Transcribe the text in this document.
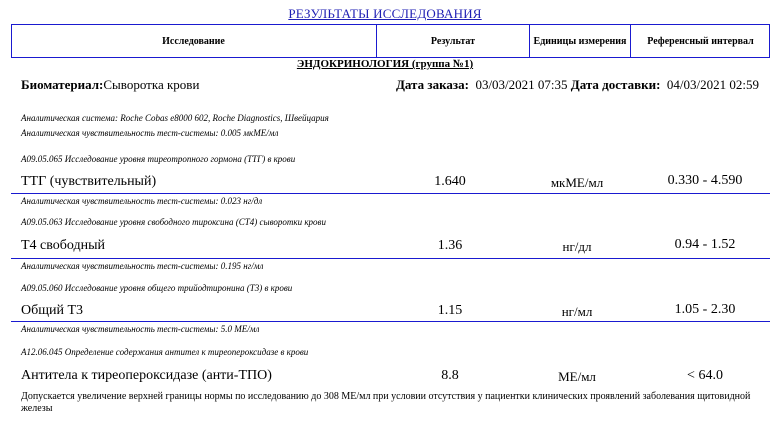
РЕЗУЛЬТАТЫ ИССЛЕДОВАНИЯ
Исследование	Результат	Единицы измерения	Референсный интервал
ЭНДОКРИНОЛОГИЯ (группа №1)
Биоматериал:Сыворотка крови	Дата заказа: 03/03/2021 07:35 Дата доставки: 04/03/2021 02:59
Аналитическая система: Roche Cobas e8000 602, Roche Diagnostics, Швейцария
Аналитическая чувствительность тест-системы: 0.005 мкМЕ/мл
A09.05.065 Исследование уровня тиреотропного гормона (ТТГ) в крови
ТТГ (чувствительный)	1.640	мкМЕ/мл	0.330 - 4.590
Аналитическая чувствительность тест-системы: 0.023 нг/дл
A09.05.063 Исследование уровня свободного тироксина (СТ4) сыворотки крови
Т4 свободный	1.36	нг/дл	0.94 - 1.52
Аналитическая чувствительность тест-системы: 0.195 нг/мл
A09.05.060 Исследование уровня общего трийодтиронина (Т3) в крови
Общий Т3	1.15	нг/мл	1.05 - 2.30
Аналитическая чувствительность тест-системы: 5.0 МЕ/мл
A12.06.045 Определение содержания антител к тиреопероксидазе в крови
Антитела к тиреопероксидазе (анти-ТПО)	8.8	МЕ/мл	< 64.0
Допускается увеличение верхней границы нормы по исследованию до 308 МЕ/мл при условии отсутствия у пациентки клинических проявлений заболевания щитовидной железы
